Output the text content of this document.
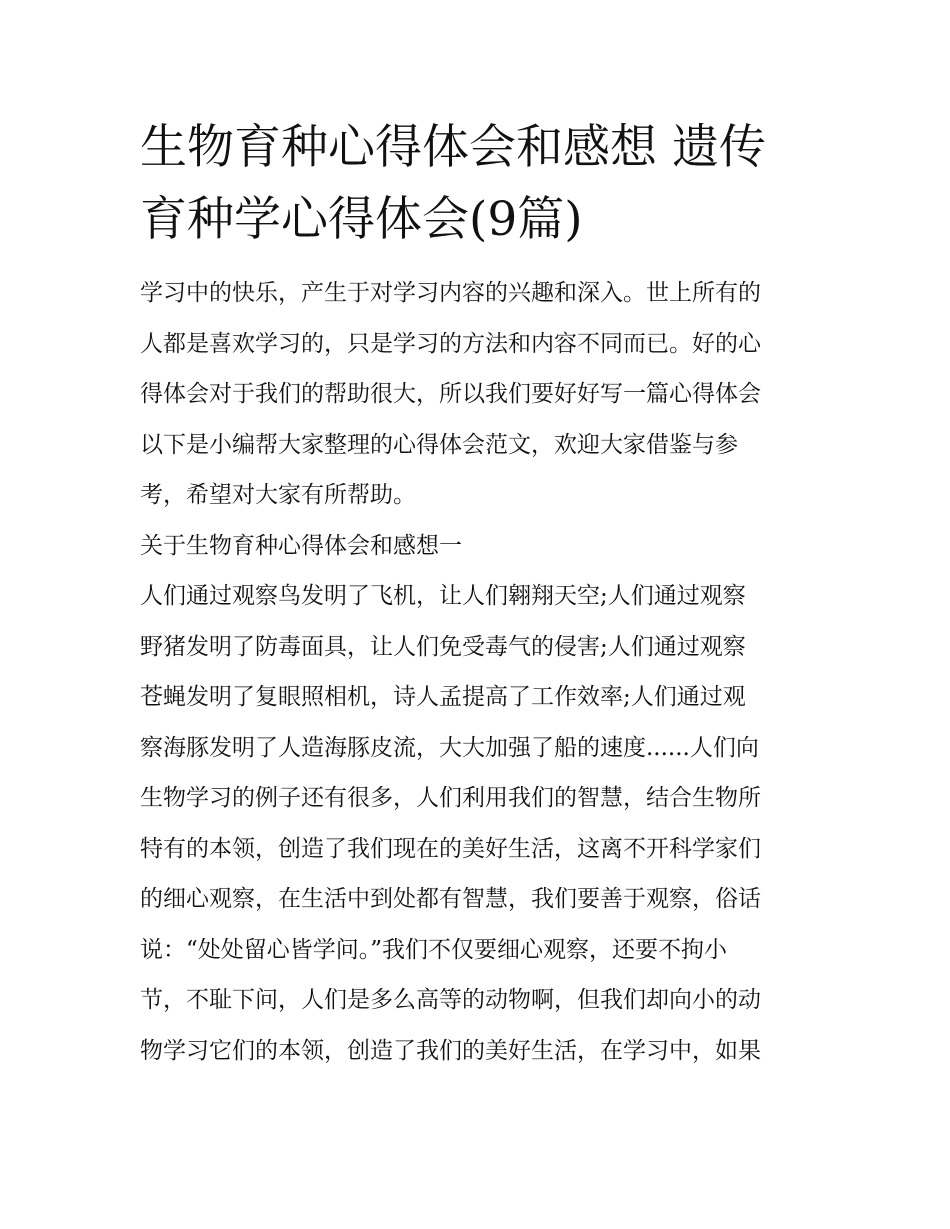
生物育种心得体会和感想 遗传
育种学心得体会(9篇)

学习中的快乐，产生于对学习内容的兴趣和深入。世上所有的
人都是喜欢学习的，只是学习的方法和内容不同而已。好的心
得体会对于我们的帮助很大，所以我们要好好写一篇心得体会
以下是小编帮大家整理的心得体会范文，欢迎大家借鉴与参
考，希望对大家有所帮助。

关于生物育种心得体会和感想一

人们通过观察鸟发明了飞机，让人们翱翔天空;人们通过观察
野猪发明了防毒面具，让人们免受毒气的侵害;人们通过观察
苍蝇发明了复眼照相机，诗人孟提高了工作效率;人们通过观
察海豚发明了人造海豚皮流，大大加强了船的速度......人们向
生物学习的例子还有很多，人们利用我们的智慧，结合生物所
特有的本领，创造了我们现在的美好生活，这离不开科学家们
的细心观察，在生活中到处都有智慧，我们要善于观察，俗话
说：“处处留心皆学问。”我们不仅要细心观察，还要不拘小
节，不耻下问，人们是多么高等的动物啊，但我们却向小的动
物学习它们的本领，创造了我们的美好生活，在学习中，如果
